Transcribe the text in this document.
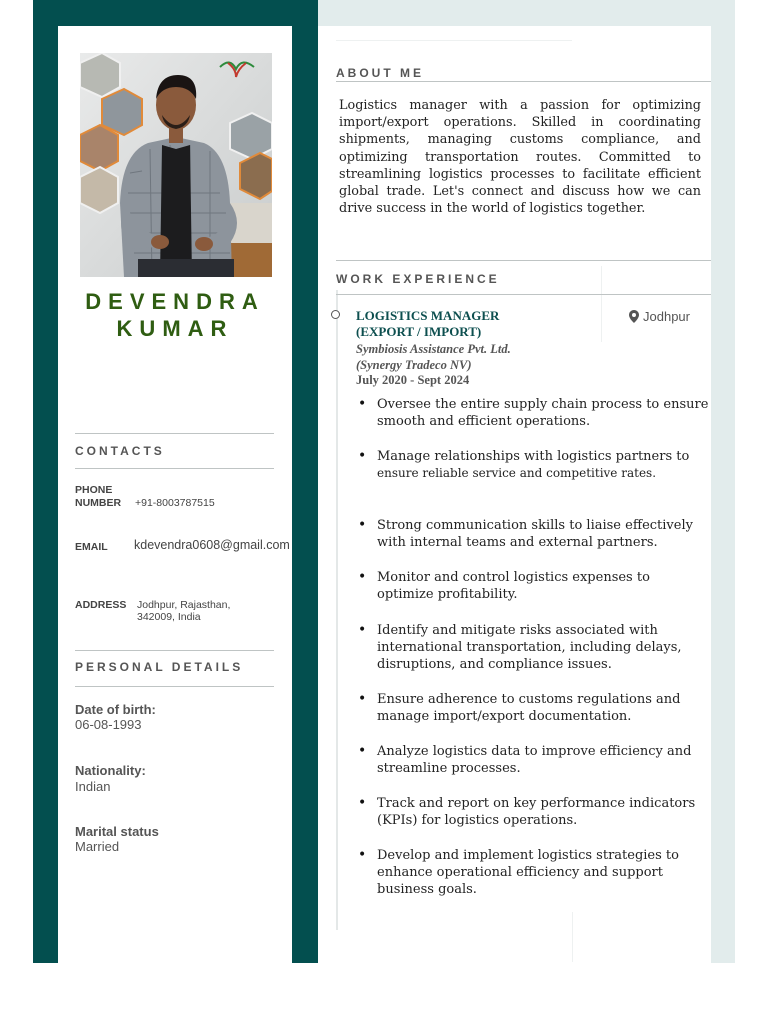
DEVENDRA
KUMAR
CONTACTS
PHONE
NUMBER +91-8003787515
EMAIL kdevendra0608@gmail.com
ADDRESS Jodhpur, Rajasthan,
342009, India
PERSONAL DETAILS
Date of birth:
06-08-1993
Nationality:
Indian
Marital status
Married
ABOUT ME
Logistics manager with a passion for optimizing import/export operations. Skilled in coordinating shipments, managing customs compliance, and optimizing transportation routes. Committed to streamlining logistics processes to facilitate efficient global trade. Let's connect and discuss how we can drive success in the world of logistics together.
WORK EXPERIENCE
LOGISTICS MANAGER
(EXPORT / IMPORT)
Jodhpur
Symbiosis Assistance Pvt. Ltd.
(Synergy Tradeco NV)
July 2020 - Sept 2024
• Oversee the entire supply chain process to ensure
smooth and efficient operations.
• Manage relationships with logistics partners to
ensure reliable service and competitive rates.
• Strong communication skills to liaise effectively
with internal teams and external partners.
• Monitor and control logistics expenses to
optimize profitability.
• Identify and mitigate risks associated with
international transportation, including delays,
disruptions, and compliance issues.
• Ensure adherence to customs regulations and
manage import/export documentation.
• Analyze logistics data to improve efficiency and
streamline processes.
• Track and report on key performance indicators
(KPIs) for logistics operations.
• Develop and implement logistics strategies to
enhance operational efficiency and support
business goals.
